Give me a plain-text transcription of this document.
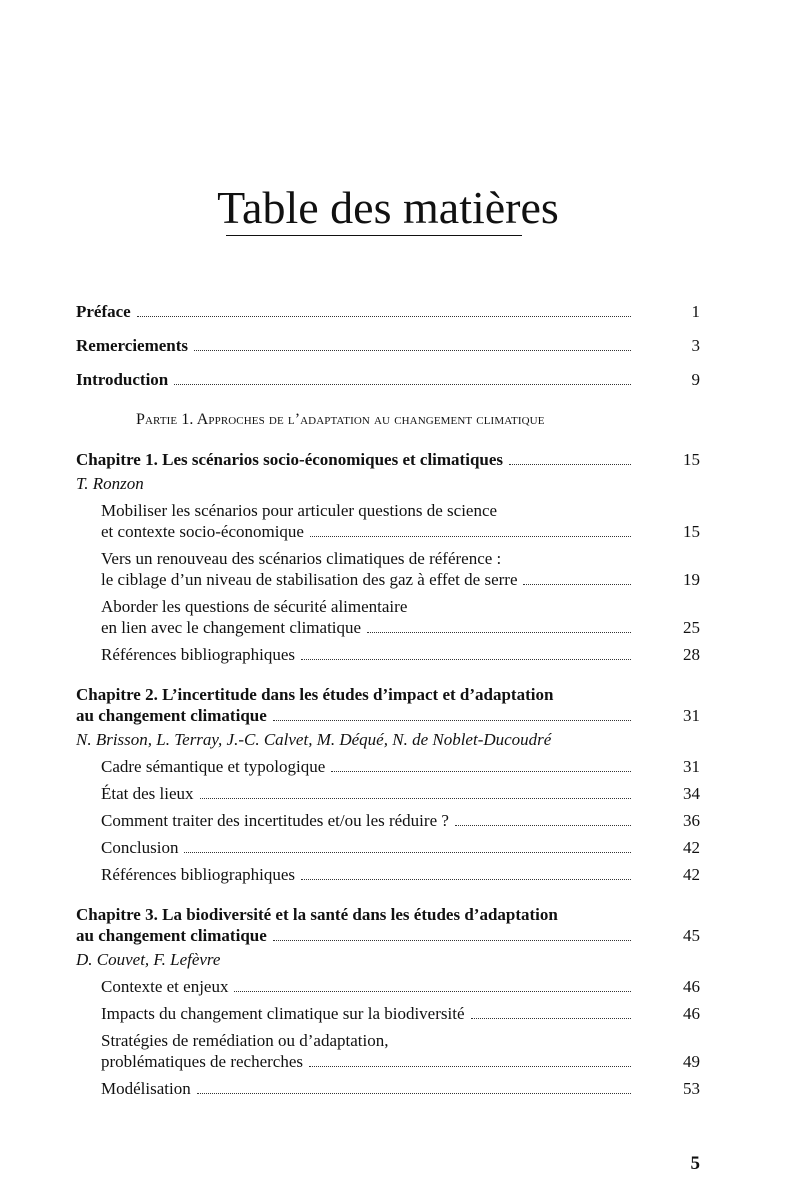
Table des matières
Préface	1
Remerciements	3
Introduction	9
Partie 1. Approches de l’adaptation au changement climatique
Chapitre 1. Les scénarios socio-économiques et climatiques	15
T. Ronzon
Mobiliser les scénarios pour articuler questions de science
et contexte socio-économique	15
Vers un renouveau des scénarios climatiques de référence :
le ciblage d’un niveau de stabilisation des gaz à effet de serre	19
Aborder les questions de sécurité alimentaire
en lien avec le changement climatique	25
Références bibliographiques	28
Chapitre 2. L’incertitude dans les études d’impact et d’adaptation
au changement climatique	31
N. Brisson, L. Terray, J.-C. Calvet, M. Déqué, N. de Noblet-Ducoudré
Cadre sémantique et typologique	31
État des lieux	34
Comment traiter des incertitudes et/ou les réduire ?	36
Conclusion	42
Références bibliographiques	42
Chapitre 3. La biodiversité et la santé dans les études d’adaptation
au changement climatique	45
D. Couvet, F. Lefèvre
Contexte et enjeux	46
Impacts du changement climatique sur la biodiversité	46
Stratégies de remédiation ou d’adaptation,
problématiques de recherches	49
Modélisation	53
5
